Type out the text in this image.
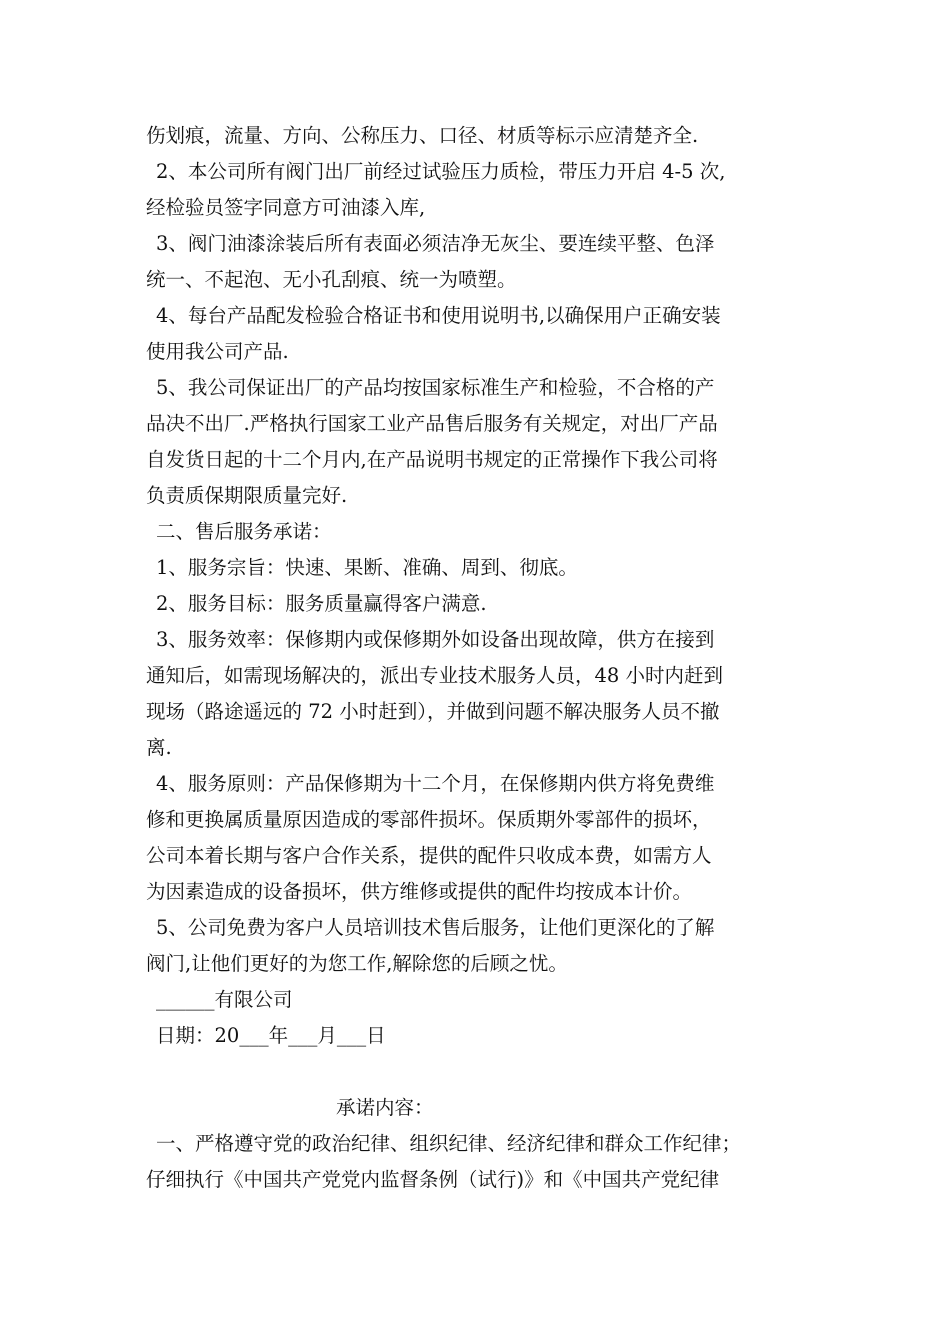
伤划痕，流量、方向、公称压力、口径、材质等标示应清楚齐全.
2、本公司所有阀门出厂前经过试验压力质检，带压力开启 4-5 次,
经检验员签字同意方可油漆入库,
3、阀门油漆涂装后所有表面必须洁净无灰尘、要连续平整、色泽
统一、不起泡、无小孔刮痕、统一为喷塑。
4、每台产品配发检验合格证书和使用说明书,以确保用户正确安装
使用我公司产品.
5、我公司保证出厂的产品均按国家标准生产和检验，不合格的产
品决不出厂.严格执行国家工业产品售后服务有关规定，对出厂产品
自发货日起的十二个月内,在产品说明书规定的正常操作下我公司将
负责质保期限质量完好.
二、售后服务承诺：
1、服务宗旨：快速、果断、准确、周到、彻底。
2、服务目标：服务质量赢得客户满意.
3、服务效率：保修期内或保修期外如设备出现故障，供方在接到
通知后，如需现场解决的，派出专业技术服务人员，48 小时内赶到
现场（路途遥远的 72 小时赶到），并做到问题不解决服务人员不撤
离.
4、服务原则：产品保修期为十二个月，在保修期内供方将免费维
修和更换属质量原因造成的零部件损坏。保质期外零部件的损坏，
公司本着长期与客户合作关系，提供的配件只收成本费，如需方人
为因素造成的设备损坏，供方维修或提供的配件均按成本计价。
5、公司免费为客户人员培训技术售后服务，让他们更深化的了解
阀门,让他们更好的为您工作,解除您的后顾之忧。
______有限公司
日期：20___年___月___日
承诺内容：
一、严格遵守党的政治纪律、组织纪律、经济纪律和群众工作纪律；
仔细执行《中国共产党党内监督条例（试行)》和《中国共产党纪律
